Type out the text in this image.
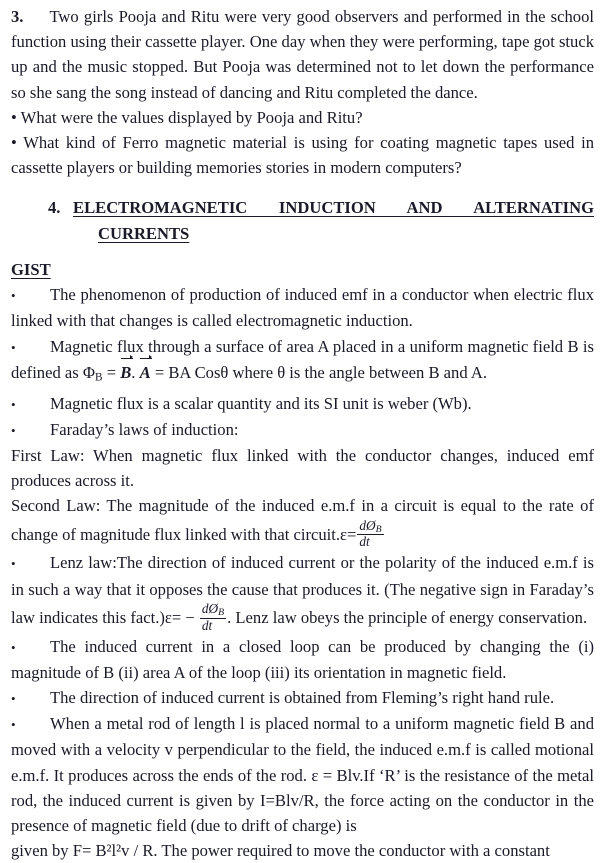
3. Two girls Pooja and Ritu were very good observers and performed in the school function using their cassette player. One day when they were performing, tape got stuck up and the music stopped. But Pooja was determined not to let down the performance so she sang the song instead of dancing and Ritu completed the dance.

• What were the values displayed by Pooja and Ritu?

• What kind of Ferro magnetic material is using for coating magnetic tapes used in cassette players or building memories stories in modern computers?

4. ELECTROMAGNETIC INDUCTION AND ALTERNATING
CURRENTS
GIST

• The phenomenon of production of induced emf in a conductor when electric flux linked with that changes is called electromagnetic induction.

• Magnetic flux through a surface of area A placed in a uniform magnetic field B is defined as $\Phi_B = B$. A = BA Cosθ where θ is the angle between B and A.

• Magnetic flux is a scalar quantity and its SI unit is weber (Wb).

• Faraday’s laws of induction:

First Law: When magnetic flux linked with the conductor changes, induced emf produces across it.

Second Law: The magnitude of the induced e.m.f in a circuit is equal to the rate of change of magnitude flux linked with that circuit.ε= $\frac{dØ_B}{dt}$

• Lenz law:The direction of induced current or the polarity of the induced e.m.f is in such a way that it opposes the cause that produces it. (The negative sign in Faraday’s law indicates this fact.)ε= − $\frac{dØ_B}{dt}$ . Lenz law obeys the principle of energy conservation.

• The induced current in a closed loop can be produced by changing the (i) magnitude of B (ii) area A of the loop (iii) its orientation in magnetic field.

• The direction of induced current is obtained from Fleming’s right hand rule.

• When a metal rod of length l is placed normal to a uniform magnetic field B and moved with a velocity v perpendicular to the field, the induced e.m.f is called motional e.m.f. It produces across the ends of the rod. ε = Blv.If ‘R’ is the resistance of the metal rod, the induced current is given by I=Blv/R, the force acting on the conductor in the presence of magnetic field (due to drift of charge) is

given by F= B²l²v / R. The power required to move the conductor with a constant
